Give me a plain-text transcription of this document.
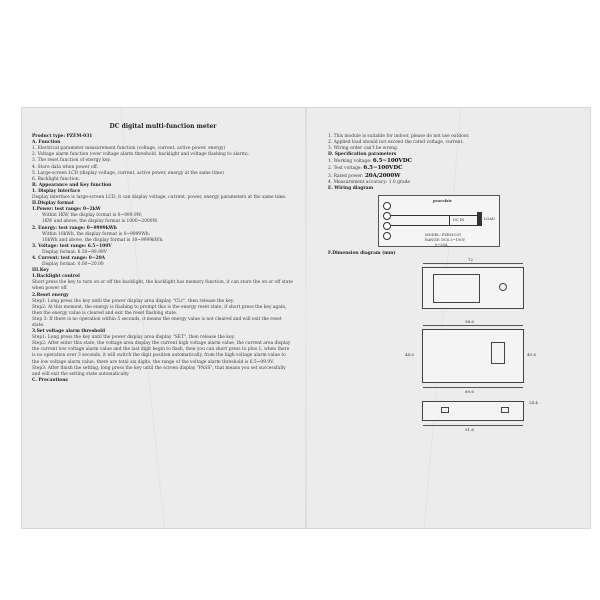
DC digital multi-function meter
Product type: PZEM-031
A. Function
1. Electrical parameter measurement function (voltage, current, active power, energy)
2. Voltage alarm function (over voltage alarm threshold, backlight and voltage flashing to alarm).
3. The reset function of energy key.
4. Store data when power off.
5. Large-screen LCD (display voltage, current, active power, energy at the same time)
6. Backlight function.
B. Appearance and Key function
1. Display Interface
Display interface is large-screen LCD, it can display voltage, current, power, energy parameters at the same time.
II.Display format
1.Power: test range: 0~2kW
Within 1KW, the display format is 0~999.9W;
1KW and above, the display format is 1000~2000W.
2. Energy: test range: 0~9999kWh
Within 10kWh, the display format is 0~9999Wh;
10kWh and above, the display format is 10~9999kWh.
3. Voltage: test range: 6.5~100V
Display format: 6.50~99.99V
4. Current: test range: 0~20A
Display format: 0.00~20.00
III.Key
1.Backlight control
Short press the key to turn on or off the backlight, the backlight has memory function, it can store the on or off state when power off.
2.Reset energy
Step1: Long press the key until the power display area display "CLr", then release the key.
Step2: At this moment, the energy is flashing to prompt this is the energy reset state, if short press the key again, then the energy value is cleared and exit the reset flashing state.
Step 3: If there is no operation within 5 seconds, it means the energy value is not cleared and will exit the reset state.
3.Set voltage alarm threshold
Step1: Long press the key until the power display area display "SET", then release the key.
Step2: After enter this state, the voltage area display the current high voltage alarm value, the current area display the current low voltage alarm value and the last digit begin to flash, then you can short press to plus 1, when there is no operation over 3 seconds, it will switch the digit position automatically, from the high voltage alarm value to the low voltage alarm value, there are total six digits, the range of the voltage alarm threshold is 6.5~99.9V.
Step3: After finish the setting, long press the key until the screen display "PASS", that means you set successfully and will exit the setting state automatically.
C. Precautions
1. This module is suitable for indoor, please do not use outdoor.
2. Applied load should not exceed the rated voltage, current.
3. Wiring order can't be wrong.
D. Specification parameters
1. Working voltage: 6.5~100VDC
2. Test voltage: 6.5~100VDC
3. Rated power: 20A/2000W
4. Measurement accuracy: 1.0 grade
E. Wiring diagram
peacefair
DC IN	LOAD
MODEL: PZEM-031
RANGE: DC6.5~100V
0~20A
F.Dimension diagram (mm)
72
94.6
44.6	49.6
89.6
24.4
91.6
